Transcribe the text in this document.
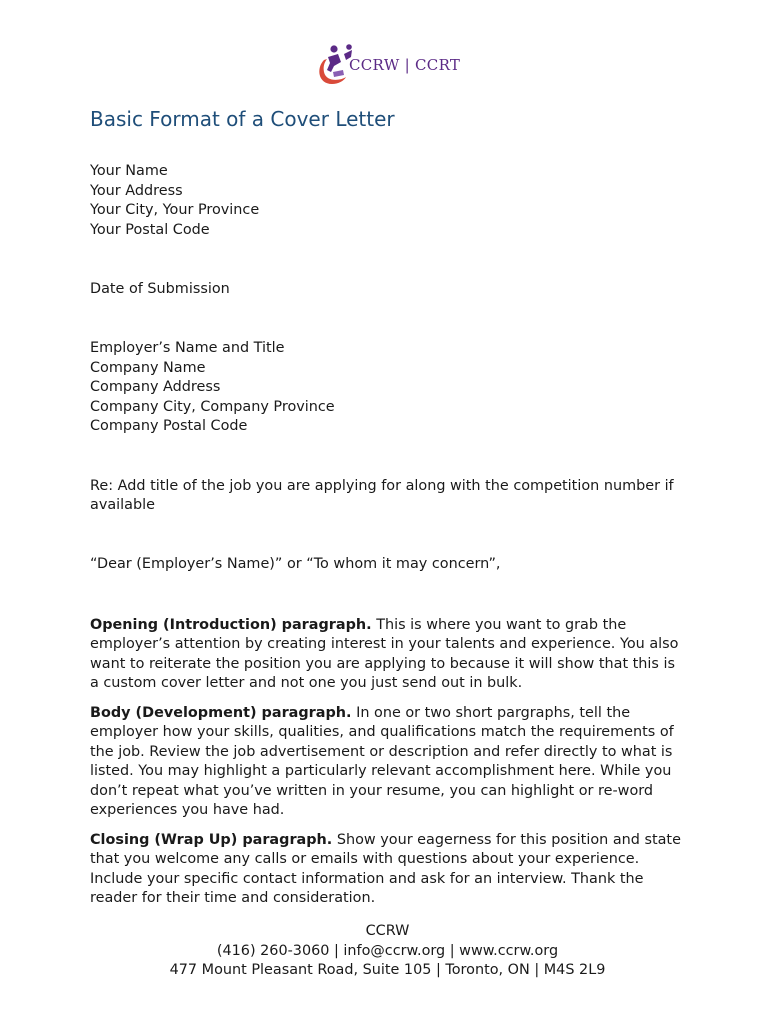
CCRW | CCRT
Basic Format of a Cover Letter
Your Name
Your Address
Your City, Your Province
Your Postal Code
Date of Submission
Employer’s Name and Title
Company Name
Company Address
Company City, Company Province
Company Postal Code

Re: Add title of the job you are applying for along with the competition number if available

“Dear (Employer’s Name)” or “To whom it may concern”,

Opening (Introduction) paragraph. This is where you want to grab the employer’s attention by creating interest in your talents and experience. You also want to reiterate the position you are applying to because it will show that this is a custom cover letter and not one you just send out in bulk.

Body (Development) paragraph. In one or two short pargraphs, tell the employer how your skills, qualities, and qualifications match the requirements of the job. Review the job advertisement or description and refer directly to what is listed. You may highlight a particularly relevant accomplishment here. While you don’t repeat what you’ve written in your resume, you can highlight or re-word experiences you have had.

Closing (Wrap Up) paragraph. Show your eagerness for this position and state that you welcome any calls or emails with questions about your experience. Include your specific contact information and ask for an interview. Thank the reader for their time and consideration.

CCRW
(416) 260-3060 | info@ccrw.org | www.ccrw.org
477 Mount Pleasant Road, Suite 105 | Toronto, ON | M4S 2L9
